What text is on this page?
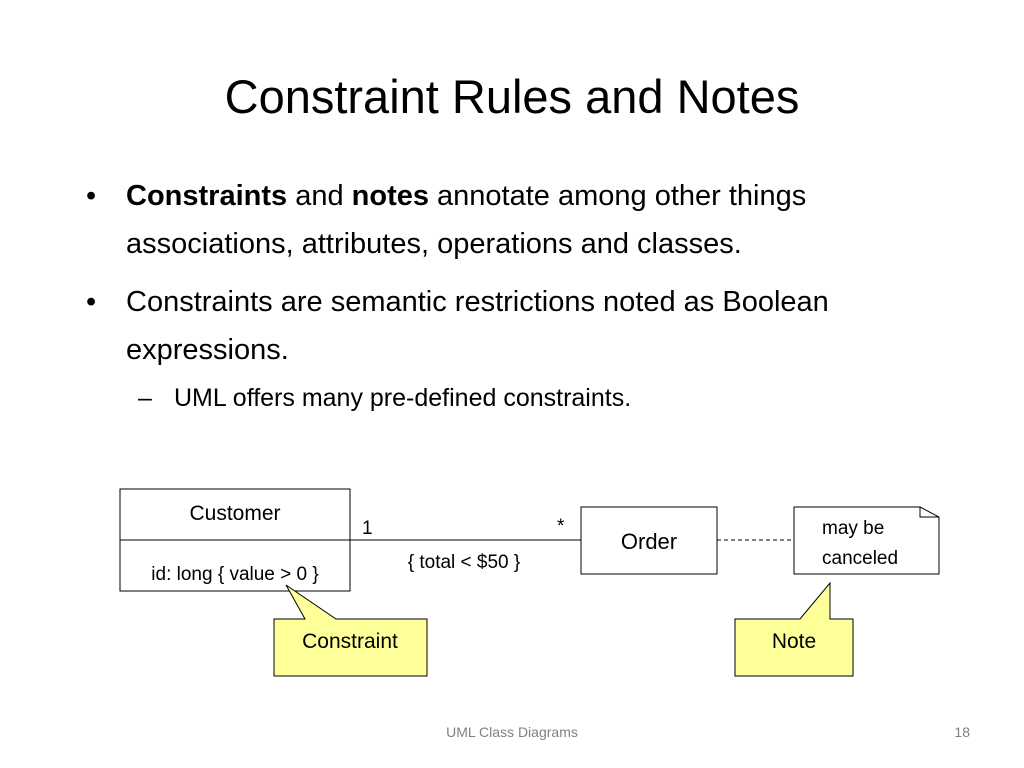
Constraint Rules and Notes
• Constraints and notes annotate among other things associations, attributes, operations and classes.
• Constraints are semantic restrictions noted as Boolean expressions.
– UML offers many pre-defined constraints.
Customer
id: long { value > 0 }
1	*
{ total < $50 }
Order
may be
canceled
Constraint	Note
UML Class Diagrams	18
